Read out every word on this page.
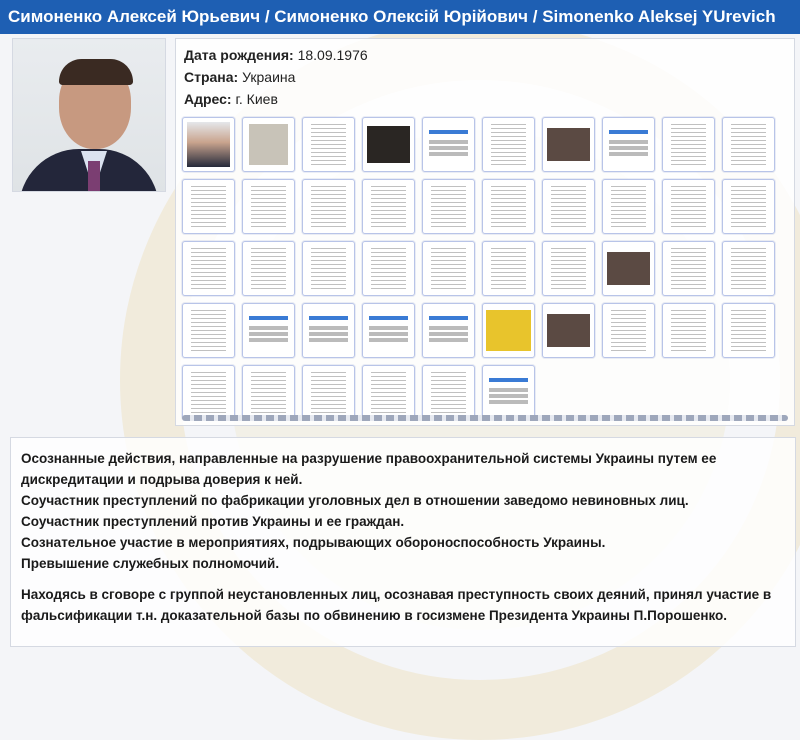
Симоненко Алексей Юрьевич / Симоненко Олексій Юрійович / Simonenko Aleksej YUrevich
Дата рождения: 18.09.1976
Страна: Украина
Адрес: г. Киев

Осознанные действия, направленные на разрушение правоохранительной системы Украины путем ее дискредитации и подрыва доверия к ней.

Соучастник преступлений по фабрикации уголовных дел в отношении заведомо невиновных лиц.

Соучастник преступлений против Украины и ее граждан.

Сознательное участие в мероприятиях, подрывающих обороноспособность Украины.

Превышение служебных полномочий.

Находясь в сговоре с группой неустановленных лиц, осознавая преступность своих деяний, принял участие в фальсификации т.н. доказательной базы по обвинению в госизмене Президента Украины П.Порошенко.
